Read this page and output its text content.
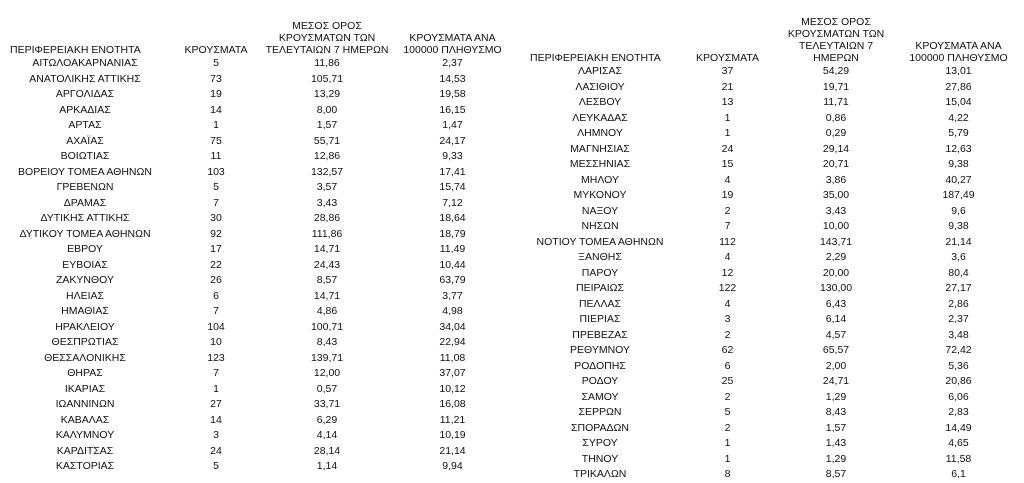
ΠΕΡΙΦΕΡΕΙΑΚΗ ΕΝΟΤΗΤΑ	ΚΡΟΥΣΜΑΤΑ	ΜΕΣΟΣ ΟΡΟΣ ΚΡΟΥΣΜΑΤΩΝ ΤΩΝ ΤΕΛΕΥΤΑΙΩΝ 7 ΗΜΕΡΩΝ	ΚΡΟΥΣΜΑΤΑ ΑΝΑ 100000 ΠΛΗΘΥΣΜΟ
ΑΙΤΩΛΟΑΚΑΡΝΑΝΙΑΣ	5	11,86	2,37
ΑΝΑΤΟΛΙΚΗΣ ΑΤΤΙΚΗΣ	73	105,71	14,53
ΑΡΓΟΛΙΔΑΣ	19	13,29	19,58
ΑΡΚΑΔΙΑΣ	14	8,00	16,15
ΑΡΤΑΣ	1	1,57	1,47
ΑΧΑΪΑΣ	75	55,71	24,17
ΒΟΙΩΤΙΑΣ	11	12,86	9,33
ΒΟΡΕΙΟΥ ΤΟΜΕΑ ΑΘΗΝΩΝ	103	132,57	17,41
ΓΡΕΒΕΝΩΝ	5	3,57	15,74
ΔΡΑΜΑΣ	7	3,43	7,12
ΔΥΤΙΚΗΣ ΑΤΤΙΚΗΣ	30	28,86	18,64
ΔΥΤΙΚΟΥ ΤΟΜΕΑ ΑΘΗΝΩΝ	92	111,86	18,79
ΕΒΡΟΥ	17	14,71	11,49
ΕΥΒΟΙΑΣ	22	24,43	10,44
ΖΑΚΥΝΘΟΥ	26	8,57	63,79
ΗΛΕΙΑΣ	6	14,71	3,77
ΗΜΑΘΙΑΣ	7	4,86	4,98
ΗΡΑΚΛΕΙΟΥ	104	100,71	34,04
ΘΕΣΠΡΩΤΙΑΣ	10	8,43	22,94
ΘΕΣΣΑΛΟΝΙΚΗΣ	123	139,71	11,08
ΘΗΡΑΣ	7	12,00	37,07
ΙΚΑΡΙΑΣ	1	0,57	10,12
ΙΩΑΝΝΙΝΩΝ	27	33,71	16,08
ΚΑΒΑΛΑΣ	14	6,29	11,21
ΚΑΛΥΜΝΟΥ	3	4,14	10,19
ΚΑΡΔΙΤΣΑΣ	24	28,14	21,14
ΚΑΣΤΟΡΙΑΣ	5	1,14	9,94
ΠΕΡΙΦΕΡΕΙΑΚΗ ΕΝΟΤΗΤΑ	ΚΡΟΥΣΜΑΤΑ	ΜΕΣΟΣ ΟΡΟΣ ΚΡΟΥΣΜΑΤΩΝ ΤΩΝ ΤΕΛΕΥΤΑΙΩΝ 7 ΗΜΕΡΩΝ	ΚΡΟΥΣΜΑΤΑ ΑΝΑ 100000 ΠΛΗΘΥΣΜΟ
ΛΑΡΙΣΑΣ	37	54,29	13,01
ΛΑΣΙΘΙΟΥ	21	19,71	27,86
ΛΕΣΒΟΥ	13	11,71	15,04
ΛΕΥΚΑΔΑΣ	1	0,86	4,22
ΛΗΜΝΟΥ	1	0,29	5,79
ΜΑΓΝΗΣΙΑΣ	24	29,14	12,63
ΜΕΣΣΗΝΙΑΣ	15	20,71	9,38
ΜΗΛΟΥ	4	3,86	40,27
ΜΥΚΟΝΟΥ	19	35,00	187,49
ΝΑΞΟΥ	2	3,43	9,6
ΝΗΣΩΝ	7	10,00	9,38
ΝΟΤΙΟΥ ΤΟΜΕΑ ΑΘΗΝΩΝ	112	143,71	21,14
ΞΑΝΘΗΣ	4	2,29	3,6
ΠΑΡΟΥ	12	20,00	80,4
ΠΕΙΡΑΙΩΣ	122	130,00	27,17
ΠΕΛΛΑΣ	4	6,43	2,86
ΠΙΕΡΙΑΣ	3	6,14	2,37
ΠΡΕΒΕΖΑΣ	2	4,57	3,48
ΡΕΘΥΜΝΟΥ	62	65,57	72,42
ΡΟΔΟΠΗΣ	6	2,00	5,36
ΡΟΔΟΥ	25	24,71	20,86
ΣΑΜΟΥ	2	1,29	6,06
ΣΕΡΡΩΝ	5	8,43	2,83
ΣΠΟΡΑΔΩΝ	2	1,57	14,49
ΣΥΡΟΥ	1	1,43	4,65
ΤΗΝΟΥ	1	1,29	11,58
ΤΡΙΚΑΛΩΝ	8	8,57	6,1
